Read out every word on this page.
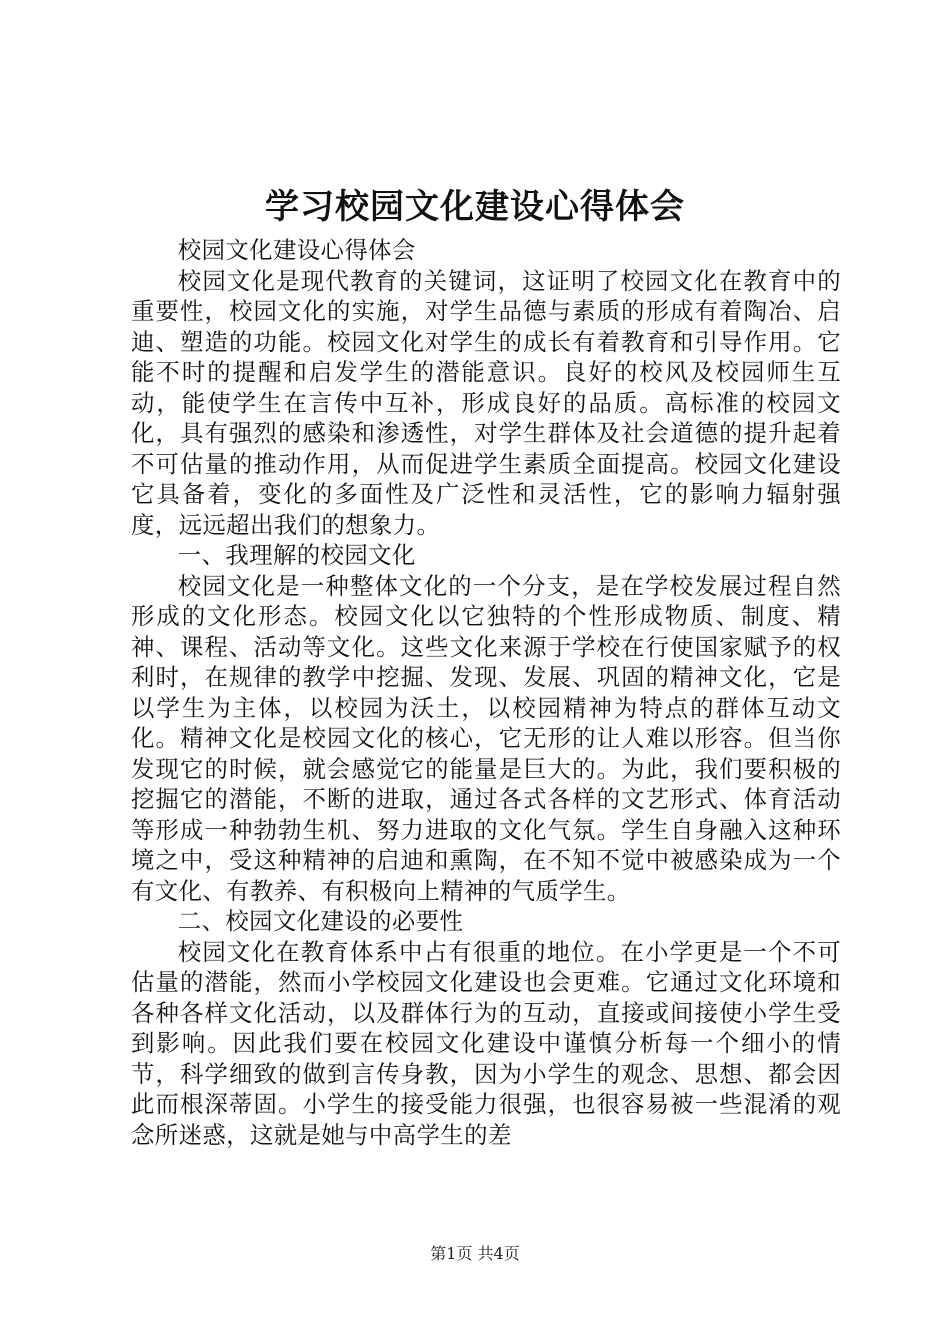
学习校园文化建设心得体会

校园文化建设心得体会

校园文化是现代教育的关键词，这证明了校园文化在教育中的重要性，校园文化的实施，对学生品德与素质的形成有着陶冶、启迪、塑造的功能。校园文化对学生的成长有着教育和引导作用。它能不时的提醒和启发学生的潜能意识。良好的校风及校园师生互动，能使学生在言传中互补，形成良好的品质。高标准的校园文化，具有强烈的感染和渗透性，对学生群体及社会道德的提升起着不可估量的推动作用，从而促进学生素质全面提高。校园文化建设它具备着，变化的多面性及广泛性和灵活性，它的影响力辐射强度，远远超出我们的想象力。

一、我理解的校园文化

校园文化是一种整体文化的一个分支，是在学校发展过程自然形成的文化形态。校园文化以它独特的个性形成物质、制度、精神、课程、活动等文化。这些文化来源于学校在行使国家赋予的权利时，在规律的教学中挖掘、发现、发展、巩固的精神文化，它是以学生为主体，以校园为沃土，以校园精神为特点的群体互动文化。精神文化是校园文化的核心，它无形的让人难以形容。但当你发现它的时候，就会感觉它的能量是巨大的。为此，我们要积极的挖掘它的潜能，不断的进取，通过各式各样的文艺形式、体育活动等形成一种勃勃生机、努力进取的文化气氛。学生自身融入这种环境之中，受这种精神的启迪和熏陶，在不知不觉中被感染成为一个有文化、有教养、有积极向上精神的气质学生。

二、校园文化建设的必要性

校园文化在教育体系中占有很重的地位。在小学更是一个不可估量的潜能，然而小学校园文化建设也会更难。它通过文化环境和各种各样文化活动，以及群体行为的互动，直接或间接使小学生受到影响。因此我们要在校园文化建设中谨慎分析每一个细小的情节，科学细致的做到言传身教，因为小学生的观念、思想、都会因此而根深蒂固。小学生的接受能力很强，也很容易被一些混淆的观念所迷惑，这就是她与中高学生的差

第1页 共4页
